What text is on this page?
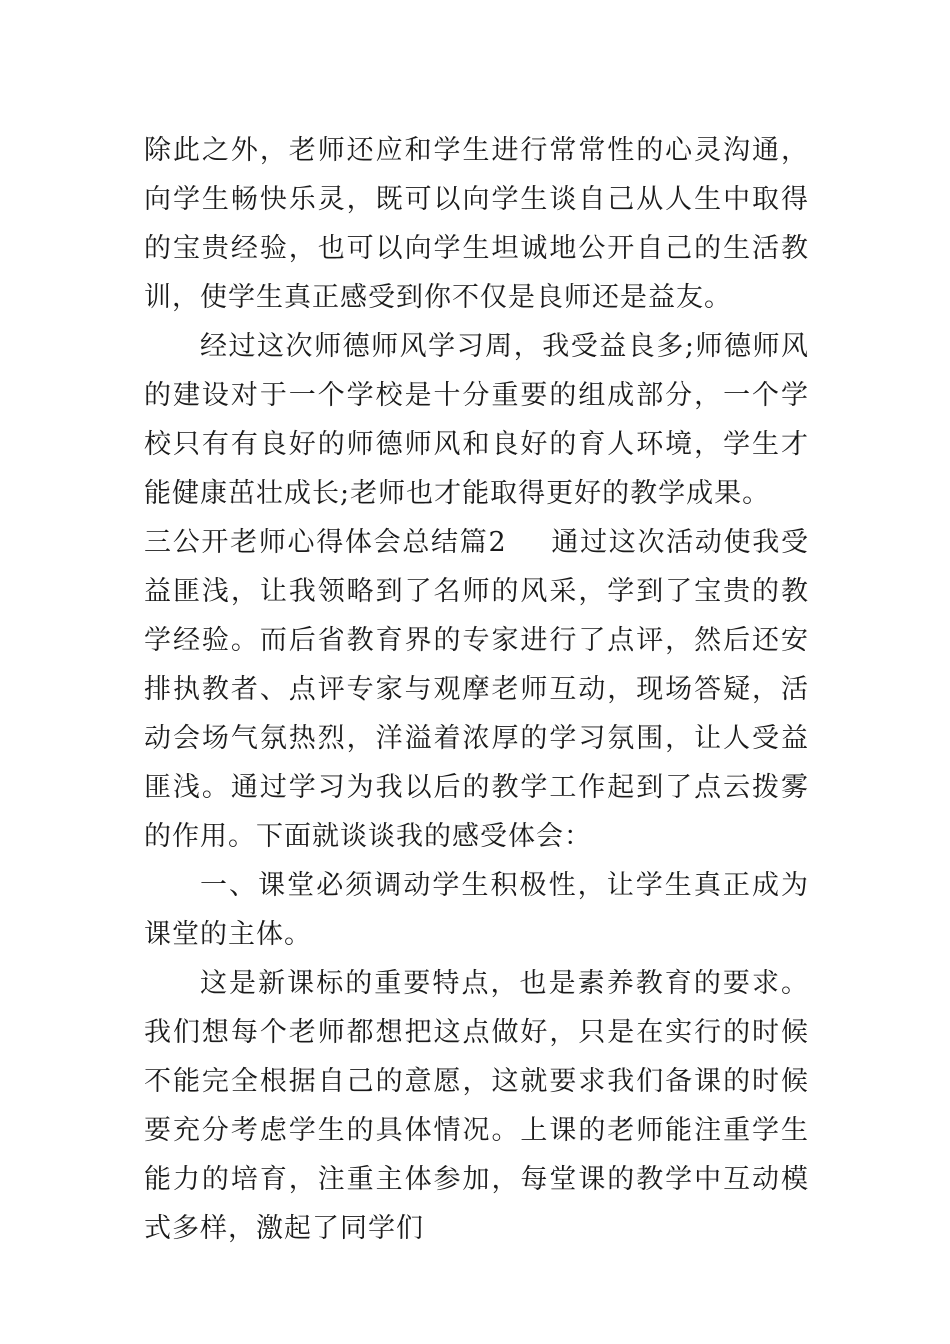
除此之外，老师还应和学生进行常常性的心灵沟通，向学生畅快乐灵，既可以向学生谈自己从人生中取得的宝贵经验，也可以向学生坦诚地公开自己的生活教训，使学生真正感受到你不仅是良师还是益友。

经过这次师德师风学习周，我受益良多;师德师风的建设对于一个学校是十分重要的组成部分，一个学校只有有良好的师德师风和良好的育人环境，学生才能健康茁壮成长;老师也才能取得更好的教学成果。

三公开老师心得体会总结篇2 通过这次活动使我受益匪浅，让我领略到了名师的风采，学到了宝贵的教学经验。而后省教育界的专家进行了点评，然后还安排执教者、点评专家与观摩老师互动，现场答疑，活动会场气氛热烈，洋溢着浓厚的学习氛围，让人受益匪浅。通过学习为我以后的教学工作起到了点云拨雾的作用。下面就谈谈我的感受体会：

一、课堂必须调动学生积极性，让学生真正成为课堂的主体。

这是新课标的重要特点，也是素养教育的要求。我们想每个老师都想把这点做好，只是在实行的时候不能完全根据自己的意愿，这就要求我们备课的时候要充分考虑学生的具体情况。上课的老师能注重学生能力的培育，注重主体参加，每堂课的教学中互动模式多样，激起了同学们
